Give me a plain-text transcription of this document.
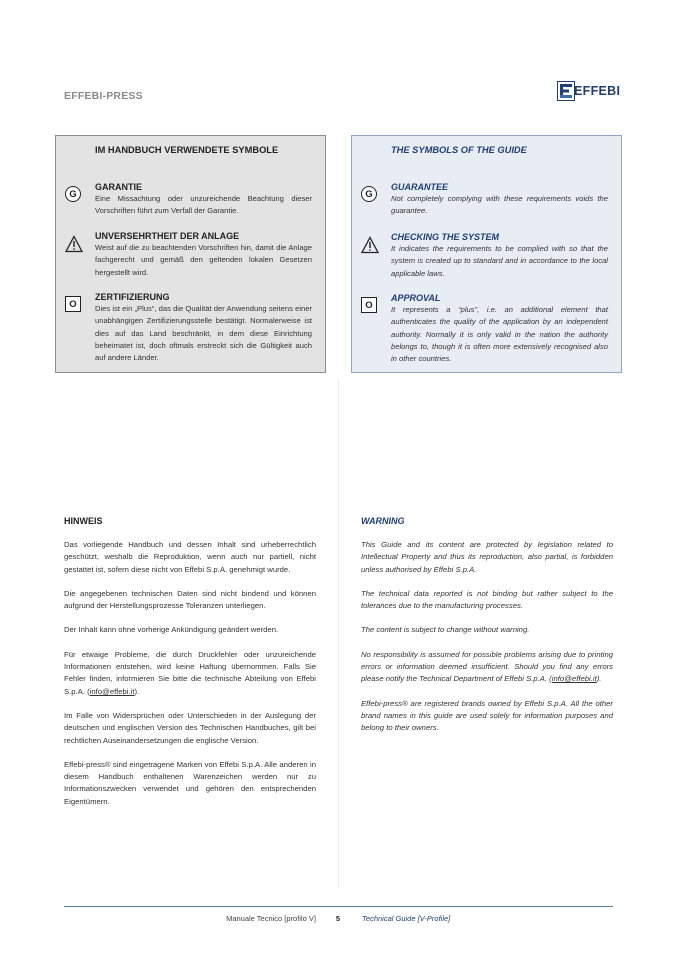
EFFEBI-PRESS	EFFEBI
IM HANDBUCH VERWENDETE SYMBOLE
G
GARANTIE
Eine Missachtung oder unzureichende Beachtung dieser Vorschriften führt zum Verfall der Garantie.
UNVERSEHRTHEIT DER ANLAGE
Weist auf die zu beachtenden Vorschriften hin, damit die Anlage fachgerecht und gemäß den geltenden lokalen Gesetzen hergestellt wird.
O
ZERTIFIZIERUNG
Dies ist ein „Plus“, das die Qualität der Anwendung seitens einer unabhängigen Zertifizierungsstelle bestätigt. Normalerweise ist dies auf das Land beschränkt, in dem diese Einrichtung beheimatet ist, doch oftmals erstreckt sich die Gültigkeit auch auf andere Länder.
THE SYMBOLS OF THE GUIDE
G
GUARANTEE
Not completely complying with these requirements voids the guarantee.
CHECKING THE SYSTEM
It indicates the requirements to be complied with so that the system is created up to standard and in accordance to the local applicable laws.
O
APPROVAL
It represents a “plus”, i.e. an additional element that authenticates the quality of the application by an independent authority. Normally it is only valid in the nation the authority belongs to, though it is often more extensively recognised also in other countries.
HINWEIS

Das vorliegende Handbuch und dessen Inhalt sind urheberrechtlich geschützt, weshalb die Reproduktion, wenn auch nur partiell, nicht gestattet ist, sofern diese nicht von Effebi S.p.A. genehmigt wurde.

Die angegebenen technischen Daten sind nicht bindend und können aufgrund der Herstellungsprozesse Toleranzen unterliegen.

Der Inhalt kann ohne vorherige Ankündigung geändert werden.

Für etwaige Probleme, die durch Druckfehler oder unzureichende Informationen entstehen, wird keine Haftung übernommen. Falls Sie Fehler finden, informieren Sie bitte die technische Abteilung von Effebi S.p.A. (info@effebi.it).

Im Falle von Widersprüchen oder Unterschieden in der Auslegung der deutschen und englischen Version des Technischen Handbuches, gilt bei rechtlichen Auseinandersetzungen die englische Version.

Effebi-press® sind eingetragene Marken von Effebi S.p.A. Alle anderen in diesem Handbuch enthaltenen Warenzeichen werden nur zu Informationszwecken verwendet und gehören den entsprechenden Eigentümern.

WARNING

This Guide and its content are protected by legislation related to Intellectual Property and thus its reproduction, also partial, is forbidden unless authorised by Effebi S.p.A.

The technical data reported is not binding but rather subject to the tolerances due to the manufacturing processes.

The content is subject to change without warning.

No responsibility is assumed for possible problems arising due to printing errors or information deemed insufficient. Should you find any errors please notify the Technical Department of Effebi S.p.A. (info@effebi.it).

Effebi-press® are registered brands owned by Effebi S.p.A. All the other brand names in this guide are used solely for information purposes and belong to their owners.

Manuale Tecnico [profilo V]	5	Technical Guide [V-Profile]
